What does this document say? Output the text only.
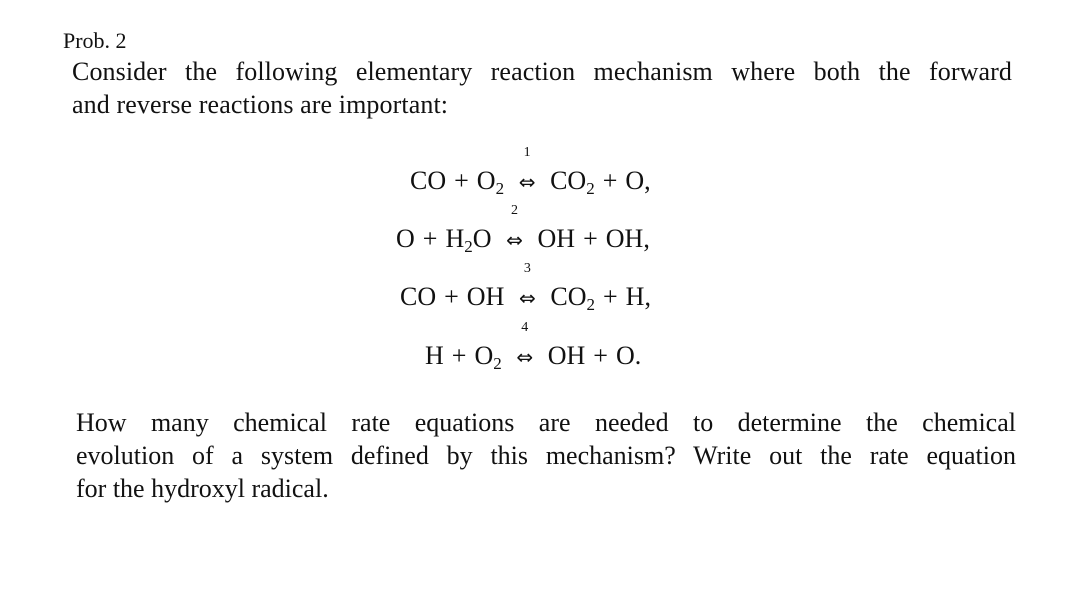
Prob. 2
Consider the following elementary reaction mechanism where both the forward
and reverse reactions are important:
CO + $O_2$
1
⇔ $CO_2 + O$ ,
$O + H_2O$
2
⇔ OH + OH ,
CO + OH
3
⇔ $CO_2 + H$ ,
$H + O_2$
4
⇔ OH + O .
How many chemical rate equations are needed to determine the chemical
evolution of a system defined by this mechanism? Write out the rate equation
for the hydroxyl radical.
